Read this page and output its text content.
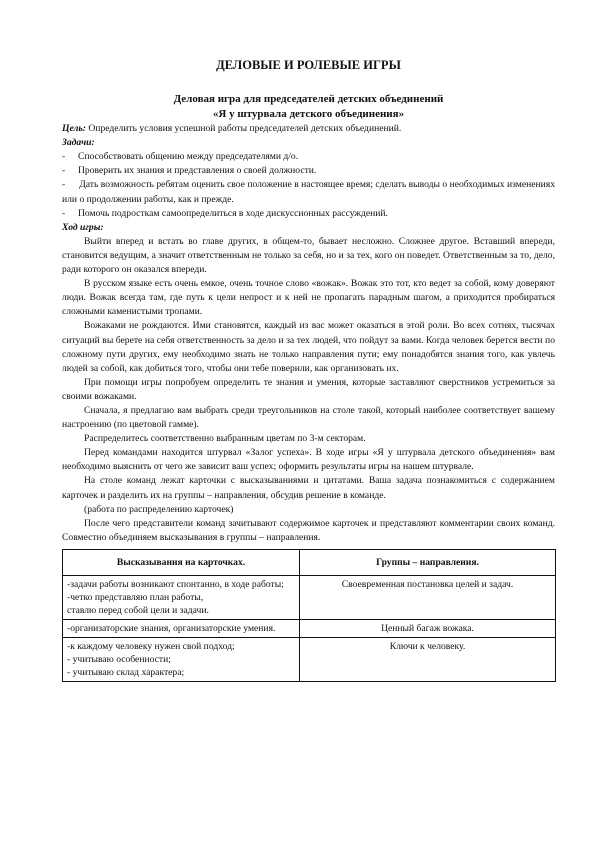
ДЕЛОВЫЕ И РОЛЕВЫЕ ИГРЫ

Деловая игра для председателей детских объединений

«Я у штурвала детского объединения»

Цель: Определить условия успешной работы председателей детских объединений.

Задачи:

- Способствовать общению между председателями д/о.
- Проверить их знания и представления о своей должности.
- Дать возможность ребятам оценить свое положение в настоящее время; сделать выводы о необходимых изменениях или о продолжении работы, как и прежде.
- Помочь подросткам самоопределиться в ходе дискуссионных рассуждений.

Ход игры:

Выйти вперед и встать во главе других, в общем-то, бывает несложно. Сложнее другое. Вставший впереди, становится ведущим, а значит ответственным не только за себя, но и за тех, кого он поведет. Ответственным за то, дело, ради которого он оказался впереди.

В русском языке есть очень емкое, очень точное слово «вожак». Вожак это тот, кто ведет за собой, кому доверяют люди. Вожак всегда там, где путь к цели непрост и к ней не пропагать парадным шагом, а приходится пробираться сложными каменистыми тропами.

Вожаками не рождаются. Ими становятся, каждый из вас может оказаться в этой роли. Во всех сотнях, тысячах ситуаций вы берете на себя ответственность за дело и за тех людей, что пойдут за вами. Когда человек берется вести по сложному пути других, ему необходимо знать не только направления пути; ему понадобятся знания того, как увлечь людей за собой, как добиться того, чтобы они тебе поверили, как организовать их.

При помощи игры попробуем определить те знания и умения, которые заставляют сверстников устремиться за своими вожаками.

Сначала, я предлагаю вам выбрать среди треугольников на столе такой, который наиболее соответствует вашему настроению (по цветовой гамме).

Распределитесь соответственно выбранным цветам по 3-м секторам.

Перед командами находится штурвал «Залог успеха». В ходе игры «Я у штурвала детского объединения» вам необходимо выяснить от чего же зависит ваш успех; оформить результаты игры на нашем штурвале.

На столе команд лежат карточки с высказываниями и цитатами. Ваша задача познакомиться с содержанием карточек и разделить их на группы – направления, обсудив решение в команде.

(работа по распределению карточек)

После чего представители команд зачитывают содержимое карточек и представляют комментарии своих команд. Совместно объединяем высказывания в группы – направления.

Высказывания на карточках.	Группы – направления.

-задачи работы возникают спонтанно, в ходе работы;
-четко представляю план работы,
ставлю перед собой цели и задачи.	Своевременная постановка целей и задач.

-организаторские знания, организаторские умения.	Ценный багаж вожака.

-к каждому человеку нужен свой подход;
- учитываю особенности;
- учитываю склад характера;	Ключи к человеку.
